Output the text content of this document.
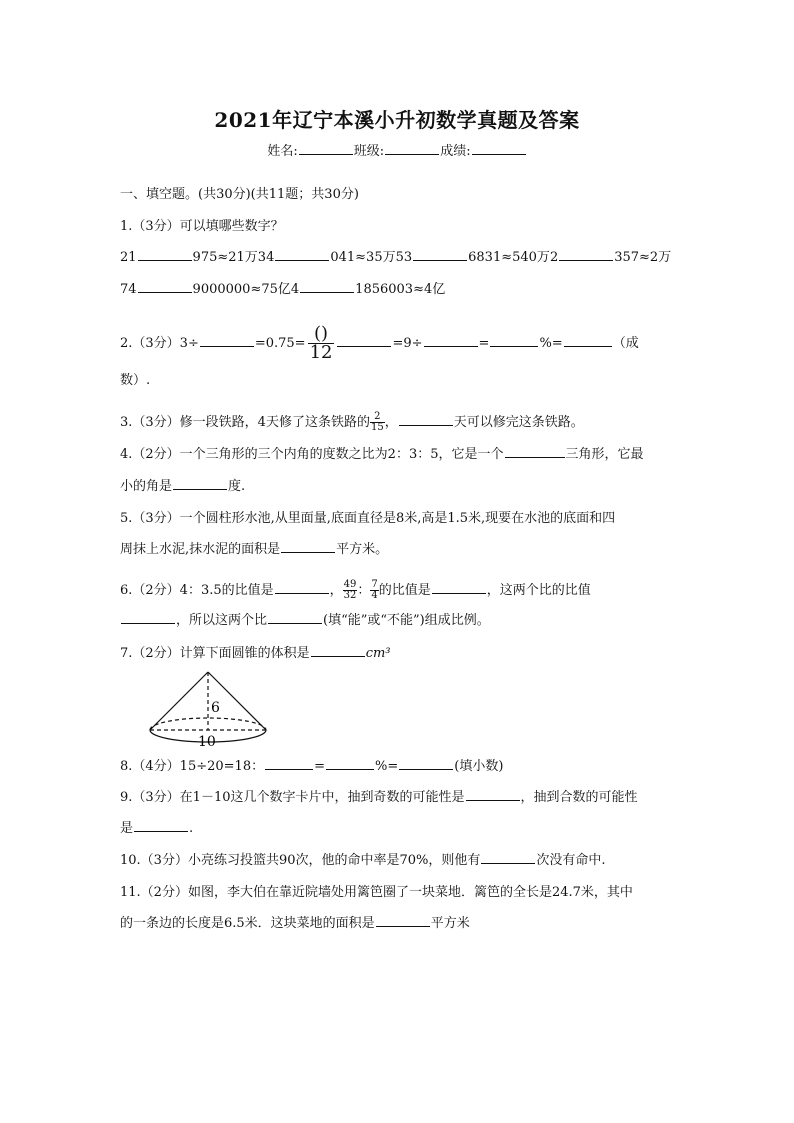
2021年辽宁本溪小升初数学真题及答案
姓名:	班级:	成绩:
一、填空题。(共30分)(共11题；共30分)
1.（3分）可以填哪些数字？
21	975≈21万34	041≈35万53	6831≈540万2	357≈2万
74	9000000≈75亿4	1856003≈4亿
2.（3分）3÷	$=0.75= \frac{()}{12}$	=9÷	=	%=	（成
数）.
3.（3分）修一段铁路，4天修了这条铁路的 $\frac{2}{15}$ ，	天可以修完这条铁路。
4.（2分）一个三角形的三个内角的度数之比为2：3：5，它是一个	三角形，它最
小的角是	度.
5.（3分）一个圆柱形水池,从里面量,底面直径是8米,高是1.5米,现要在水池的底面和四
周抹上水泥,抹水泥的面积是	平方米。
6.（2分）4：3.5的比值是	， $\frac{49}{32}$ ： $\frac{7}{4}$ 的比值是	，这两个比的比值
，所以这两个比	(填“能”或“不能”)组成比例。
7.（2分）计算下面圆锥的体积是	cm³
6
10
8.（4分）15÷20=18：	=	%=	(填小数)
9.（3分）在1－10这几个数字卡片中，抽到奇数的可能性是	，抽到合数的可能性
是	.
10.（3分）小亮练习投篮共90次，他的命中率是70%，则他有	次没有命中.
11.（2分）如图，李大伯在靠近院墙处用篱笆圈了一块菜地．篱笆的全长是24.7米，其中
的一条边的长度是6.5米．这块菜地的面积是	平方米
